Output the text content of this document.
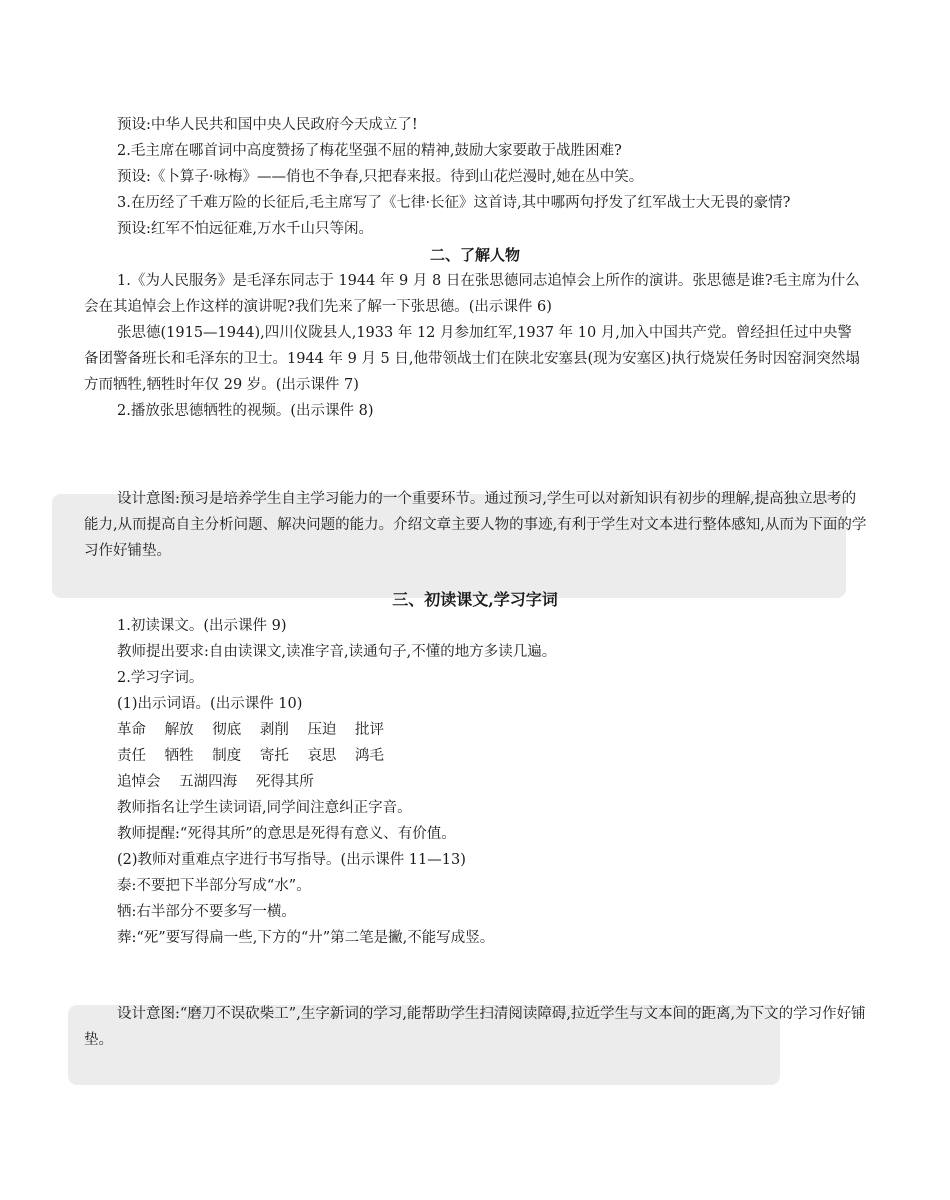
预设:中华人民共和国中央人民政府今天成立了!

2.毛主席在哪首词中高度赞扬了梅花坚强不屈的精神,鼓励大家要敢于战胜困难?

预设:《卜算子·咏梅》——俏也不争春,只把春来报。待到山花烂漫时,她在丛中笑。

3.在历经了千难万险的长征后,毛主席写了《七律·长征》这首诗,其中哪两句抒发了红军战士大无畏的豪情?

预设:红军不怕远征难,万水千山只等闲。

二、了解人物

1.《为人民服务》是毛泽东同志于 1944 年 9 月 8 日在张思德同志追悼会上所作的演讲。张思德是谁?毛主席为什么会在其追悼会上作这样的演讲呢?我们先来了解一下张思德。(出示课件 6)

张思德(1915—1944),四川仪陇县人,1933 年 12 月参加红军,1937 年 10 月,加入中国共产党。曾经担任过中央警备团警备班长和毛泽东的卫士。1944 年 9 月 5 日,他带领战士们在陕北安塞县(现为安塞区)执行烧炭任务时因窑洞突然塌方而牺牲,牺牲时年仅 29 岁。(出示课件 7)

2.播放张思德牺牲的视频。(出示课件 8)

设计意图:预习是培养学生自主学习能力的一个重要环节。通过预习,学生可以对新知识有初步的理解,提高独立思考的能力,从而提高自主分析问题、解决问题的能力。介绍文章主要人物的事迹,有利于学生对文本进行整体感知,从而为下面的学习作好铺垫。

三、初读课文,学习字词

1.初读课文。(出示课件 9)

教师提出要求:自由读课文,读准字音,读通句子,不懂的地方多读几遍。

2.学习字词。

(1)出示词语。(出示课件 10)

革命 解放 彻底 剥削 压迫 批评

责任 牺牲 制度 寄托 哀思 鸿毛

追悼会 五湖四海 死得其所

教师指名让学生读词语,同学间注意纠正字音。

教师提醒:“死得其所”的意思是死得有意义、有价值。

(2)教师对重难点字进行书写指导。(出示课件 11—13)

泰:不要把下半部分写成“水”。

牺:右半部分不要多写一横。

葬:“死”要写得扁一些,下方的“廾”第二笔是撇,不能写成竖。

设计意图:“磨刀不误砍柴工”,生字新词的学习,能帮助学生扫清阅读障碍,拉近学生与文本间的距离,为下文的学习作好铺垫。
